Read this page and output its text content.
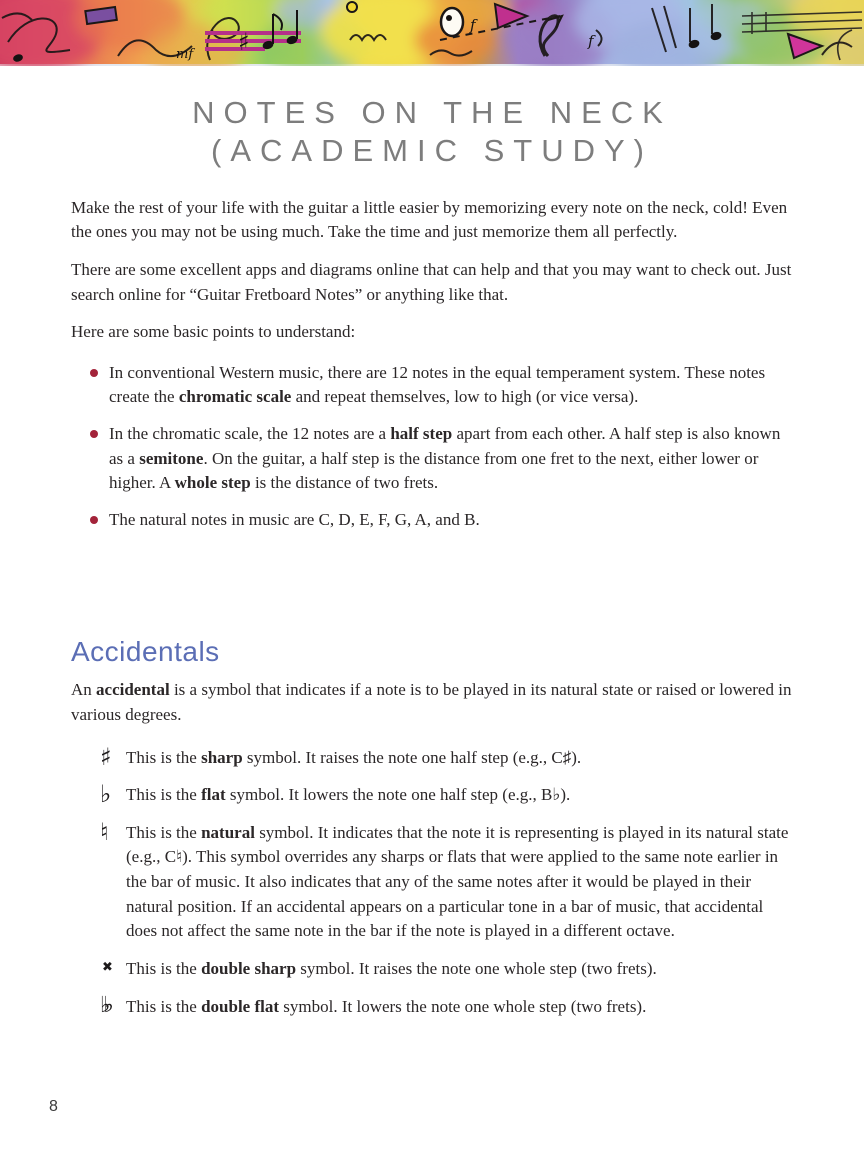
mf
f
f
♯
NOTES ON THE NECK
(ACADEMIC STUDY)

Make the rest of your life with the guitar a little easier by memorizing every note on the neck, cold! Even the ones you may not be using much. Take the time and just memorize them all perfectly.

There are some excellent apps and diagrams online that can help and that you may want to check out. Just search online for “Guitar Fretboard Notes” or anything like that.

Here are some basic points to understand:

In conventional Western music, there are 12 notes in the equal temperament system. These notes create the chromatic scale and repeat themselves, low to high (or vice versa).
In the chromatic scale, the 12 notes are a half step apart from each other. A half step is also known as a semitone. On the guitar, a half step is the distance from one fret to the next, either lower or higher. A whole step is the distance of two frets.
The natural notes in music are C, D, E, F, G, A, and B.
Accidentals

An accidental is a symbol that indicates if a note is to be played in its natural state or raised or lowered in various degrees.

♯ This is the sharp symbol. It raises the note one half step (e.g., C♯).
♭ This is the flat symbol. It lowers the note one half step (e.g., B♭).
♮	This is the natural symbol. It indicates that the note it is representing is played in its natural state (e.g., C♮). This symbol overrides any sharps or flats that were applied to the same note earlier in the bar of music. It also indicates that any of the same notes after it would be played in their natural position. If an accidental appears on a particular tone in a bar of music, that accidental does not affect the same note in the bar if the note is played in a different octave.
✖ This is the double sharp symbol. It raises the note one whole step (two frets).
♭♭	This is the double flat symbol. It lowers the note one whole step (two frets).
8
